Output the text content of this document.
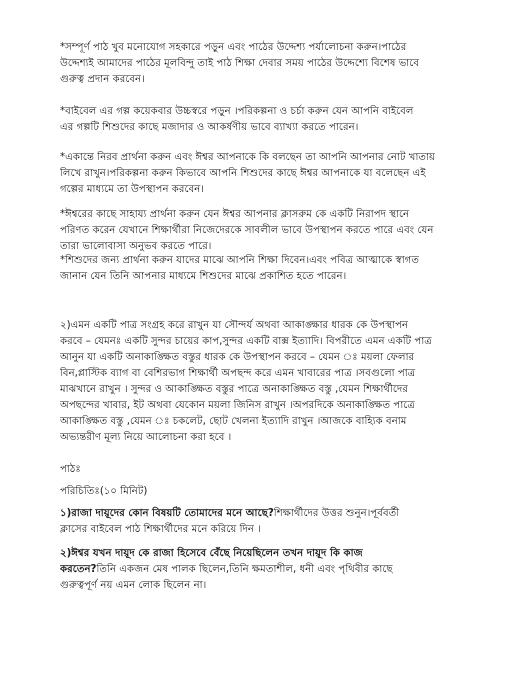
*সম্পূর্ণ পাঠ খুব মনোযোগ সহকারে পড়ুন এবং পাঠের উদ্দেশ্য পর্যালোচনা করুন।পাঠের
উদ্দেশ্যই আমাদের পাঠের মূলবিন্দু তাই পাঠ শিক্ষা দেবার সময় পাঠের উদ্দেশ্যে বিশেষ ভাবে
গুরুত্ব প্রদান করবেন।

*বাইবেল এর গল্প কয়েকবার উচ্চস্বরে পড়ুন ।পরিকল্পনা ও চর্চা করুন যেন আপনি বাইবেল
এর গল্পটি শিশুদের কাছে মজাদার ও আকর্ষণীয় ভাবে ব্যাখ্যা করতে পারেন।

*একান্তে নিরব প্রার্থনা করুন এবং ঈশ্বর আপনাকে কি বলছেন তা আপনি আপনার নোট খাতায়
লিখে রাখুন।পরিকল্পনা করুন কিভাবে আপনি শিশুদের কাছে ঈশ্বর আপনাকে যা বলেছেন এই
গল্পের মাধ্যমে তা উপস্থাপন করবেন।

*ঈশ্বরের কাছে সাহায্য প্রার্থনা করুন যেন ঈশ্বর আপনার ক্লাসরুম কে একটি নিরাপদ স্থানে
পরিণত করেন যেখানে শিক্ষার্থীরা নিজেদেরকে সাবলীল ভাবে উপস্থাপন করতে পারে এবং যেন
তারা ভালোবাসা অনুভব করতে পারে।

*শিশুদের জন্য প্রার্থনা করুন যাদের মাঝে আপনি শিক্ষা দিবেন।এবং পবিত্র আত্মাকে স্বাগত
জানান যেন তিনি আপনার মাধ্যমে শিশুদের মাঝে প্রকাশিত হতে পারেন।

২)এমন একটি পাত্র সংগ্রহ করে রাখুন যা সৌন্দর্য অথবা আকাঙ্ক্ষার ধারক কে উপস্থাপন
করবে – যেমনঃ একটি সুন্দর চায়ের কাপ,সুন্দর একটি বাক্স ইত্যাদি। বিপরীতে এমন একটি পাত্র
আনুন যা একটি অনাকাঙ্ক্ষিত বস্তুর ধারক কে উপস্থাপন করবে – যেমন ঃ ময়লা ফেলার
বিন,প্লাস্টিক ব্যাগ বা বেশিরভাগ শিক্ষার্থী অপছন্দ করে এমন খাবারের পাত্র ।সবগুলো পাত্র
মাঝখানে রাখুন । সুন্দর ও আকাঙ্ক্ষিত বস্তুর পাত্রে অনাকাঙ্ক্ষিত বস্তু ,যেমন শিক্ষার্থীদের
অপছন্দের খাবার, ইট অথবা যেকোন ময়লা জিনিস রাখুন ।অপরদিকে অনাকাঙ্ক্ষিত পাত্রে
আকাঙ্ক্ষিত বস্তু ,যেমন ঃ চকলেট, ছোট খেলনা ইত্যাদি রাখুন ।আজকে বাহ্যিক বনাম
অভ্যন্তরীণ মূল্য নিয়ে আলোচনা করা হবে ।

পাঠঃ

পরিচিতিঃ(১০ মিনিট)

১)রাজা দায়ূদের কোন বিষয়টি তোমাদের মনে আছে?শিক্ষার্থীদের উত্তর শুনুন।পূর্ববর্তী
ক্লাসের বাইবেল পাঠ শিক্ষার্থীদের মনে করিয়ে দিন ।

২)ঈশ্বর যখন দায়ূদ কে রাজা হিসেবে বেঁছে নিয়েছিলেন তখন দায়ূদ কি কাজ
করতেন?তিনি একজন মেষ পালক ছিলেন,তিনি ক্ষমতাশীল, ধনী এবং পৃথিবীর কাছে
গুরুত্বপূর্ণ নয় এমন লোক ছিলেন না।
